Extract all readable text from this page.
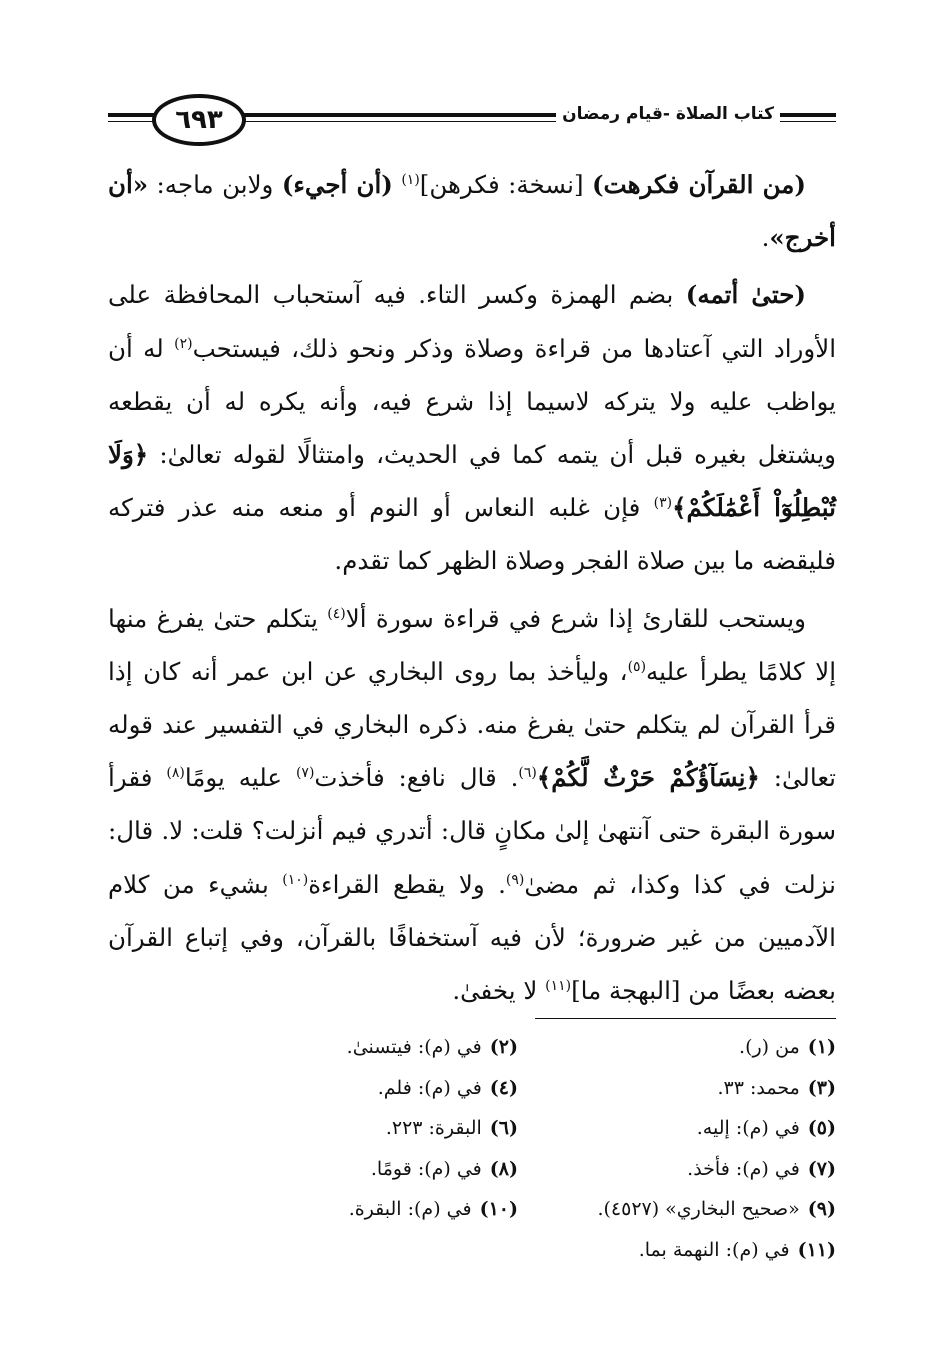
٦٩٣	كتاب الصلاة -قيام رمضان

(من القرآن فكرهت) [نسخة: فكرهن]$^{(١)}$ (أن أجيء) ولابن ماجه: «أن أخرج».

(حتىٰ أتمه) بضم الهمزة وكسر التاء. فيه آستحباب المحافظة على الأوراد التي آعتادها من قراءة وصلاة وذكر ونحو ذلك، فيستحب$^{(٢)}$ له أن يواظب عليه ولا يتركه لاسيما إذا شرع فيه، وأنه يكره له أن يقطعه ويشتغل بغيره قبل أن يتمه كما في الحديث، وامتثالًا لقوله تعالىٰ: ﴿وَلَا تُبْطِلُوٓاْ أَعْمَٰلَكُمْ﴾$^{(٣)}$ فإن غلبه النعاس أو النوم أو منعه منه عذر فتركه فليقضه ما بين صلاة الفجر وصلاة الظهر كما تقدم.

ويستحب للقارئ إذا شرع في قراءة سورة ألا$^{(٤)}$ يتكلم حتىٰ يفرغ منها إلا كلامًا يطرأ عليه$^{(٥)}$، وليأخذ بما روى البخاري عن ابن عمر أنه كان إذا قرأ القرآن لم يتكلم حتىٰ يفرغ منه. ذكره البخاري في التفسير عند قوله تعالىٰ: ﴿نِسَآؤُكُمْ حَرْثٌ لَّكُمْ﴾$^{(٦)}$. قال نافع: فأخذت$^{(٧)}$ عليه يومًا$^{(٨)}$ فقرأ سورة البقرة حتى آنتهىٰ إلىٰ مكانٍ قال: أتدري فيم أنزلت؟ قلت: لا. قال: نزلت في كذا وكذا، ثم مضىٰ$^{(٩)}$. ولا يقطع القراءة$^{(١٠)}$ بشيء من كلام الآدميين من غير ضرورة؛ لأن فيه آستخفافًا بالقرآن، وفي إتباع القرآن بعضه بعضًا من [البهجة ما]$^{(١١)}$ لا يخفىٰ.

(١)من (ر).
(٢)في (م): فيتسنىٰ.
(٣)محمد: ٣٣.
(٤)في (م): فلم.
(٥)في (م): إليه.
(٦)البقرة: ٢٢٣.
(٧)في (م): فأخذ.
(٨)في (م): قومًا.
(٩)«صحيح البخاري» (٤٥٢٧).
(١٠)في (م): البقرة.
(١١)في (م): النهمة بما.
